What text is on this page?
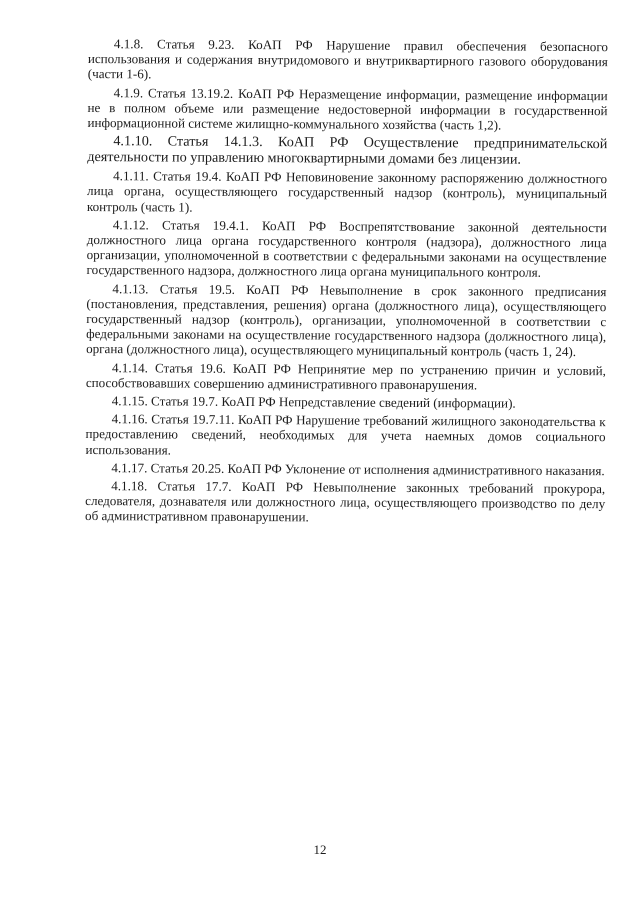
4.1.8. Статья 9.23. КоАП РФ Нарушение правил обеспечения безопасного использования и содержания внутридомового и внутриквартирного газового оборудования (части 1-6).

4.1.9. Статья 13.19.2. КоАП РФ Неразмещение информации, размещение информации не в полном объеме или размещение недостоверной информации в государственной информационной системе жилищно-коммунального хозяйства (часть 1,2).

4.1.10. Статья 14.1.3. КоАП РФ Осуществление предпринимательской деятельности по управлению многоквартирными домами без лицензии.

4.1.11. Статья 19.4. КоАП РФ Неповиновение законному распоряжению должностного лица органа, осуществляющего государственный надзор (контроль), муниципальный контроль (часть 1).

4.1.12. Статья 19.4.1. КоАП РФ Воспрепятствование законной деятельности должностного лица органа государственного контроля (надзора), должностного лица организации, уполномоченной в соответствии с федеральными законами на осуществление государственного надзора, должностного лица органа муниципального контроля.

4.1.13. Статья 19.5. КоАП РФ Невыполнение в срок законного предписания (постановления, представления, решения) органа (должностного лица), осуществляющего государственный надзор (контроль), организации, уполномоченной в соответствии с федеральными законами на осуществление государственного надзора (должностного лица), органа (должностного лица), осуществляющего муниципальный контроль (часть 1, 24).

4.1.14. Статья 19.6. КоАП РФ Непринятие мер по устранению причин и условий, способствовавших совершению административного правонарушения.

4.1.15. Статья 19.7. КоАП РФ Непредставление сведений (информации).

4.1.16. Статья 19.7.11. КоАП РФ Нарушение требований жилищного законодательства к предоставлению сведений, необходимых для учета наемных домов социального использования.

4.1.17. Статья 20.25. КоАП РФ Уклонение от исполнения административного наказания.

4.1.18. Статья 17.7. КоАП РФ Невыполнение законных требований прокурора, следователя, дознавателя или должностного лица, осуществляющего производство по делу об административном правонарушении.

12
